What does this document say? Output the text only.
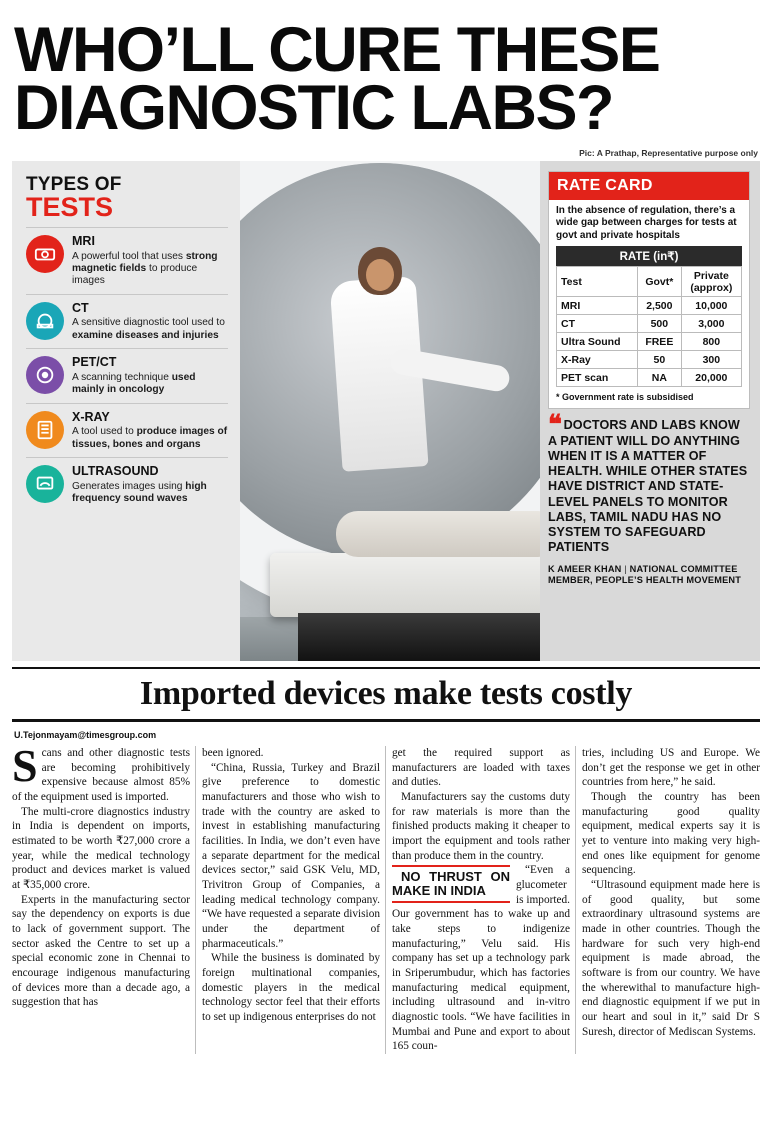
WHO’LL CURE THESE
DIAGNOSTIC LABS?
Pic: A Prathap, Representative purpose only
TYPES OF
TESTS
MRI
A powerful tool that uses strong magnetic fields to produce images
CT
A sensitive diagnostic tool used to examine diseases and injuries
PET/CT
A scanning technique used mainly in oncology
X-RAY
A tool used to produce images of tissues, bones and organs
ULTRASOUND
Generates images using high frequency sound waves
RATE CARD
In the absence of regulation, there’s a wide gap between charges for tests at govt and private hospitals
RATE (in₹)
Test	Govt*	Private
(approx)
MRI	2,500	10,000
CT	500	3,000
Ultra Sound	FREE	800
X-Ray	50	300
PET scan	NA	20,000
* Government rate is subsidised
❝ DOCTORS AND LABS KNOW A PATIENT WILL DO ANYTHING WHEN IT IS A MATTER OF HEALTH. WHILE OTHER STATES HAVE DISTRICT AND STATE-LEVEL PANELS TO MONITOR LABS, TAMIL NADU HAS NO SYSTEM TO SAFEGUARD PATIENTS
K AMEER KHAN | NATIONAL COMMITTEE MEMBER, PEOPLE’S HEALTH MOVEMENT
Imported devices make tests costly
U.Tejonmayam@timesgroup.com

Scans and other diagnostic tests are becoming prohibitively expensive because almost 85% of the equipment used is imported.

The multi-crore diagnostics industry in India is dependent on imports, estimated to be worth ₹27,000 crore a year, while the medical technology product and devices market is valued at ₹35,000 crore.

Experts in the manufacturing sector say the dependency on exports is due to lack of government support. The sector asked the Centre to set up a special economic zone in Chennai to encourage indigenous manufacturing of devices more than a decade ago, a suggestion that has

been ignored.

“China, Russia, Turkey and Brazil give preference to domestic manufacturers and those who wish to trade with the country are asked to invest in establishing manufacturing facilities. In India, we don’t even have a separate department for the medical devices sector,” said GSK Velu, MD, Trivitron Group of Companies, a leading medical technology company. “We have requested a separate division under the department of pharmaceuticals.”

While the business is dominated by foreign multinational companies, domestic players in the medical technology sector feel that their efforts to set up indigenous enterprises do not

get the required support as manufacturers are loaded with taxes and duties.

Manufacturers say the customs duty for raw materials is more than the finished products making it cheaper to import the equipment and tools rather than produce them in the country.

NO THRUST ON MAKE IN INDIA
“Even a glucometer is imported. Our government has to wake up and take steps to indigenize manufacturing,” Velu said. His company has set up a technology park in Sriperumbudur, which has factories manufacturing medical equipment, including ultrasound and in-vitro diagnostic tools. “We have facilities in Mumbai and Pune and export to about 165 coun-

tries, including US and Europe. We don’t get the response we get in other countries from here,” he said.

Though the country has been manufacturing good quality equipment, medical experts say it is yet to venture into making very high-end ones like equipment for genome sequencing.

“Ultrasound equipment made here is of good quality, but some extraordinary ultrasound systems are made in other countries. Though the hardware for such very high-end equipment is made abroad, the software is from our country. We have the wherewithal to manufacture high-end diagnostic equipment if we put in our heart and soul in it,” said Dr S Suresh, director of Mediscan Systems.
